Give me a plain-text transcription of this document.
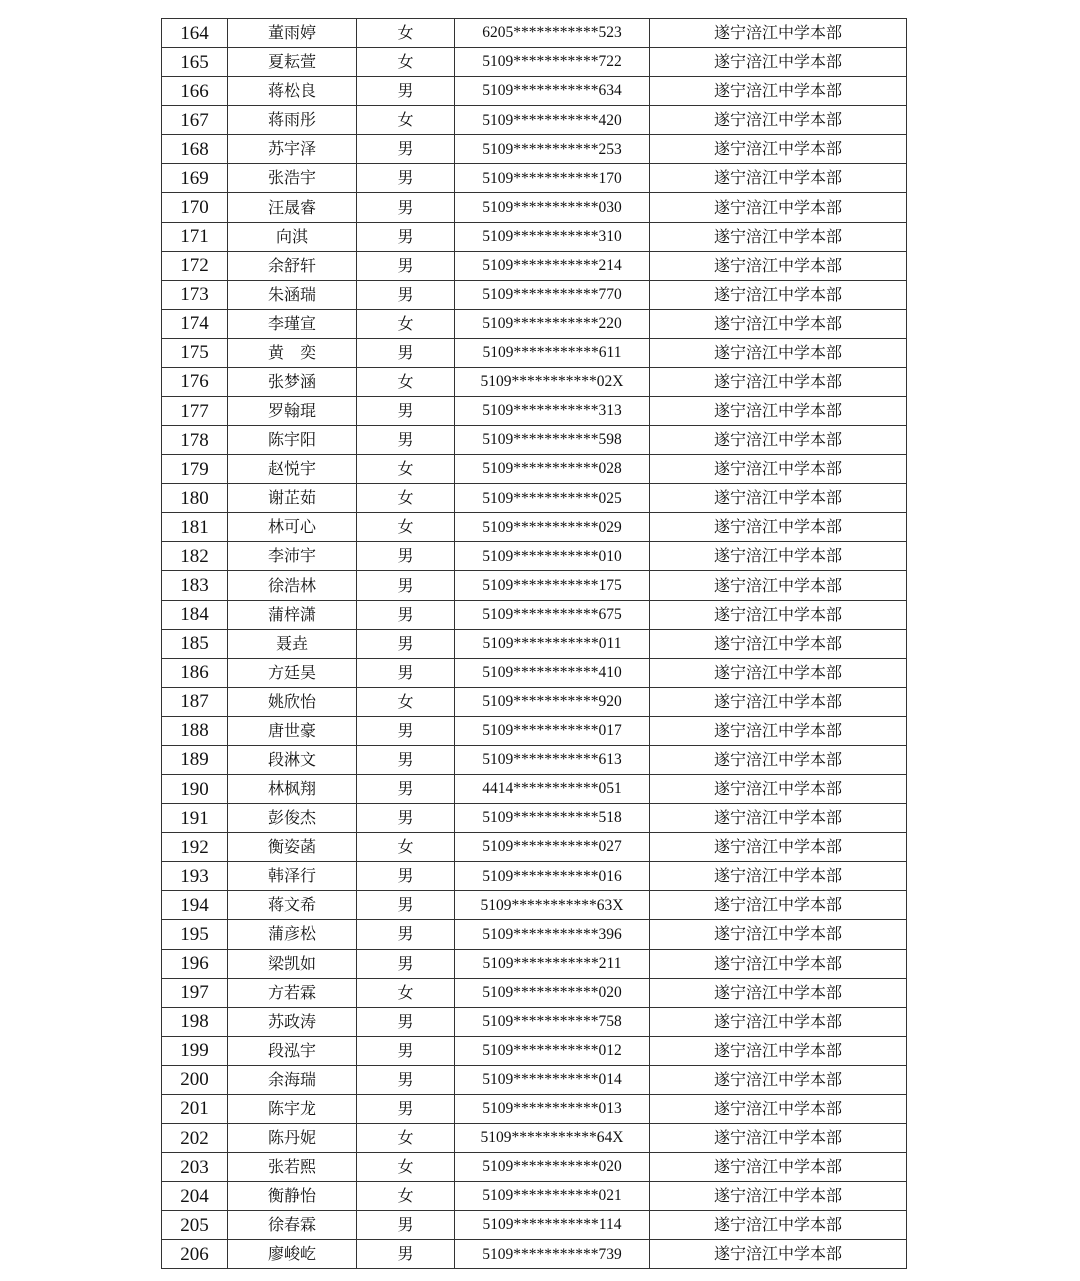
164	董雨婷	女	6205***********523	遂宁涪江中学本部
165	夏耘萱	女	5109***********722	遂宁涪江中学本部
166	蒋松良	男	5109***********634	遂宁涪江中学本部
167	蒋雨彤	女	5109***********420	遂宁涪江中学本部
168	苏宇泽	男	5109***********253	遂宁涪江中学本部
169	张浩宇	男	5109***********170	遂宁涪江中学本部
170	汪晟睿	男	5109***********030	遂宁涪江中学本部
171	向淇	男	5109***********310	遂宁涪江中学本部
172	余舒轩	男	5109***********214	遂宁涪江中学本部
173	朱涵瑞	男	5109***********770	遂宁涪江中学本部
174	李瑾宣	女	5109***********220	遂宁涪江中学本部
175	黄　奕	男	5109***********611	遂宁涪江中学本部
176	张梦涵	女	5109***********02X	遂宁涪江中学本部
177	罗翰琨	男	5109***********313	遂宁涪江中学本部
178	陈宇阳	男	5109***********598	遂宁涪江中学本部
179	赵悦宇	女	5109***********028	遂宁涪江中学本部
180	谢芷茹	女	5109***********025	遂宁涪江中学本部
181	林可心	女	5109***********029	遂宁涪江中学本部
182	李沛宇	男	5109***********010	遂宁涪江中学本部
183	徐浩林	男	5109***********175	遂宁涪江中学本部
184	蒲梓潇	男	5109***********675	遂宁涪江中学本部
185	聂垚	男	5109***********011	遂宁涪江中学本部
186	方廷昊	男	5109***********410	遂宁涪江中学本部
187	姚欣怡	女	5109***********920	遂宁涪江中学本部
188	唐世豪	男	5109***********017	遂宁涪江中学本部
189	段淋文	男	5109***********613	遂宁涪江中学本部
190	林枫翔	男	4414***********051	遂宁涪江中学本部
191	彭俊杰	男	5109***********518	遂宁涪江中学本部
192	衡姿菡	女	5109***********027	遂宁涪江中学本部
193	韩泽行	男	5109***********016	遂宁涪江中学本部
194	蒋文希	男	5109***********63X	遂宁涪江中学本部
195	蒲彦松	男	5109***********396	遂宁涪江中学本部
196	梁凯如	男	5109***********211	遂宁涪江中学本部
197	方若霖	女	5109***********020	遂宁涪江中学本部
198	苏政涛	男	5109***********758	遂宁涪江中学本部
199	段泓宇	男	5109***********012	遂宁涪江中学本部
200	余海瑞	男	5109***********014	遂宁涪江中学本部
201	陈宇龙	男	5109***********013	遂宁涪江中学本部
202	陈丹妮	女	5109***********64X	遂宁涪江中学本部
203	张若熙	女	5109***********020	遂宁涪江中学本部
204	衡静怡	女	5109***********021	遂宁涪江中学本部
205	徐春霖	男	5109***********114	遂宁涪江中学本部
206	廖峻屹	男	5109***********739	遂宁涪江中学本部
